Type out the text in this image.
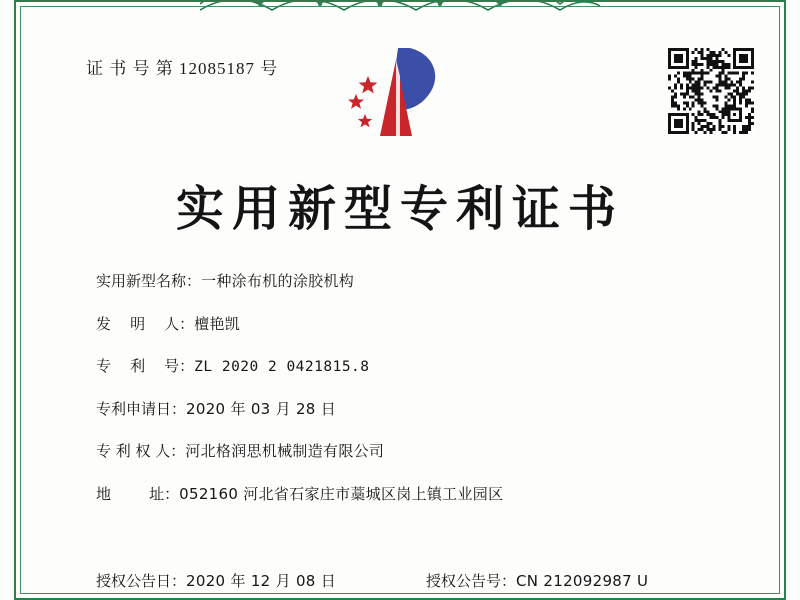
证 书 号 第 12085187 号
实用新型专利证书
实用新型名称： 一种涂布机的涂胶机构
发    明    人： 檀艳凯
专    利    号： ZL 2020 2 0421815.8
专利申请日： 2020 年 03 月 28 日
专 利 权 人： 河北格润思机械制造有限公司
地        址： 052160 河北省石家庄市藁城区岗上镇工业园区
授权公告日： 2020 年 12 月 08 日	授权公告号： CN 212092987 U
